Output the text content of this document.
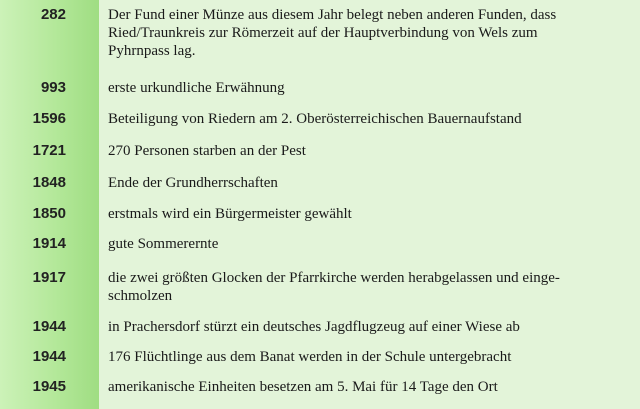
282	Der Fund einer Münze aus diesem Jahr belegt neben anderen Funden, dass
Ried/Traunkreis zur Römerzeit auf der Hauptverbindung von Wels zum
Pyhrnpass lag.
993	erste urkundliche Erwähnung
1596	Beteiligung von Riedern am 2. Oberösterreichischen Bauernaufstand
1721	270 Personen starben an der Pest
1848	Ende der Grundherrschaften
1850	erstmals wird ein Bürgermeister gewählt
1914	gute Sommerernte
1917	die zwei größten Glocken der Pfarrkirche werden herabgelassen und einge-
schmolzen
1944	in Prachersdorf stürzt ein deutsches Jagdflugzeug auf einer Wiese ab
1944	176 Flüchtlinge aus dem Banat werden in der Schule untergebracht
1945	amerikanische Einheiten besetzen am 5. Mai für 14 Tage den Ort
